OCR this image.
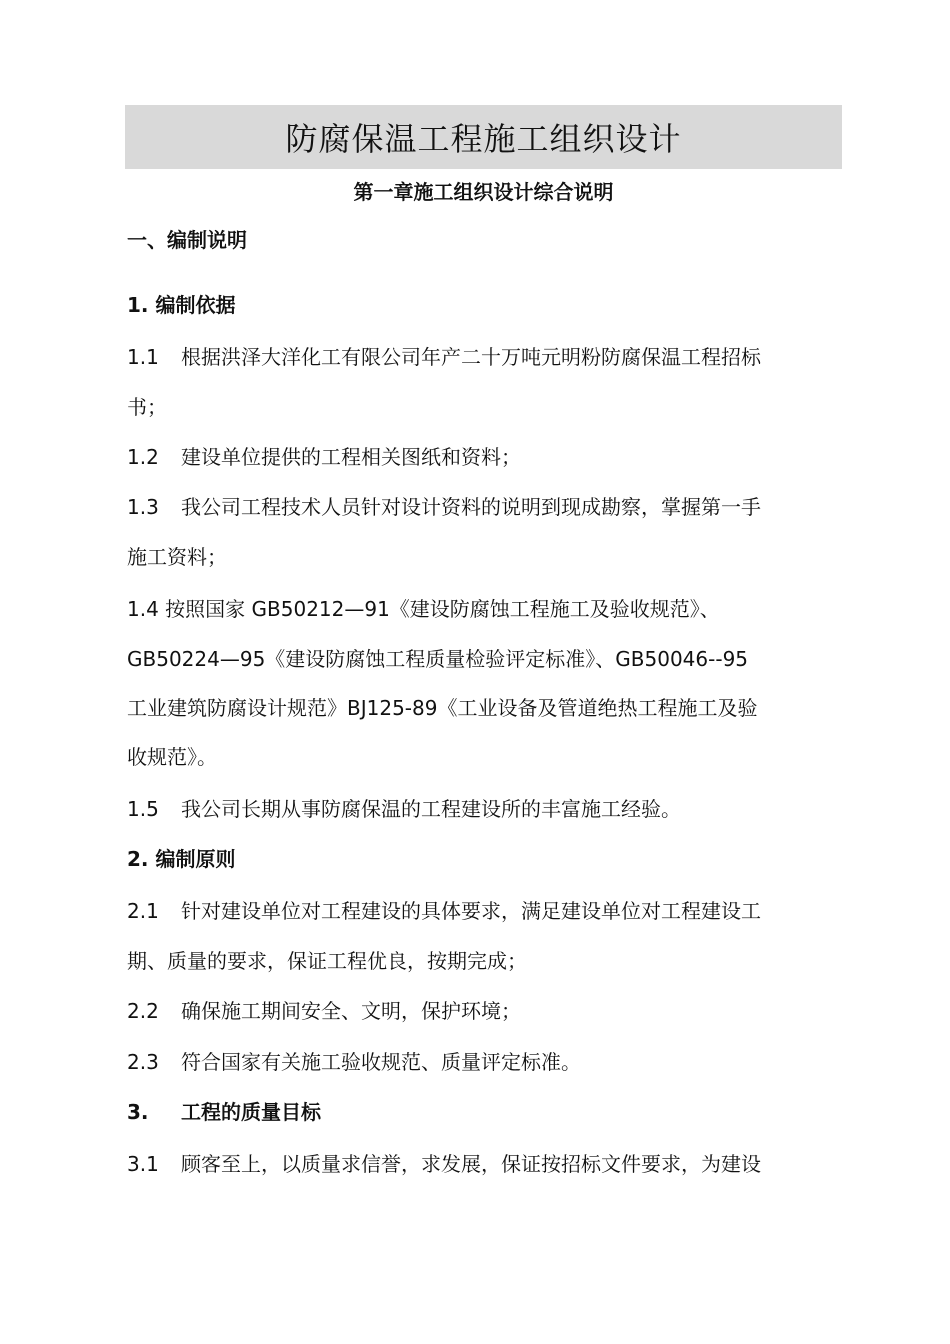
防腐保温工程施工组织设计
第一章施工组织设计综合说明
一、编制说明
1. 编制依据
1.1 根据洪泽大洋化工有限公司年产二十万吨元明粉防腐保温工程招标
书；
1.2 建设单位提供的工程相关图纸和资料；
1.3 我公司工程技术人员针对设计资料的说明到现成勘察，掌握第一手
施工资料；
1.4 按照国家 GB50212—91《建设防腐蚀工程施工及验收规范》、
GB50224—95《建设防腐蚀工程质量检验评定标准》、GB50046--95
工业建筑防腐设计规范》BJ125-89《工业设备及管道绝热工程施工及验
收规范》。
1.5 我公司长期从事防腐保温的工程建设所的丰富施工经验。
2. 编制原则
2.1 针对建设单位对工程建设的具体要求，满足建设单位对工程建设工
期、质量的要求，保证工程优良，按期完成；
2.2 确保施工期间安全、文明，保护环境；
2.3 符合国家有关施工验收规范、质量评定标准。
3. 工程的质量目标
3.1 顾客至上，以质量求信誉，求发展，保证按招标文件要求，为建设
